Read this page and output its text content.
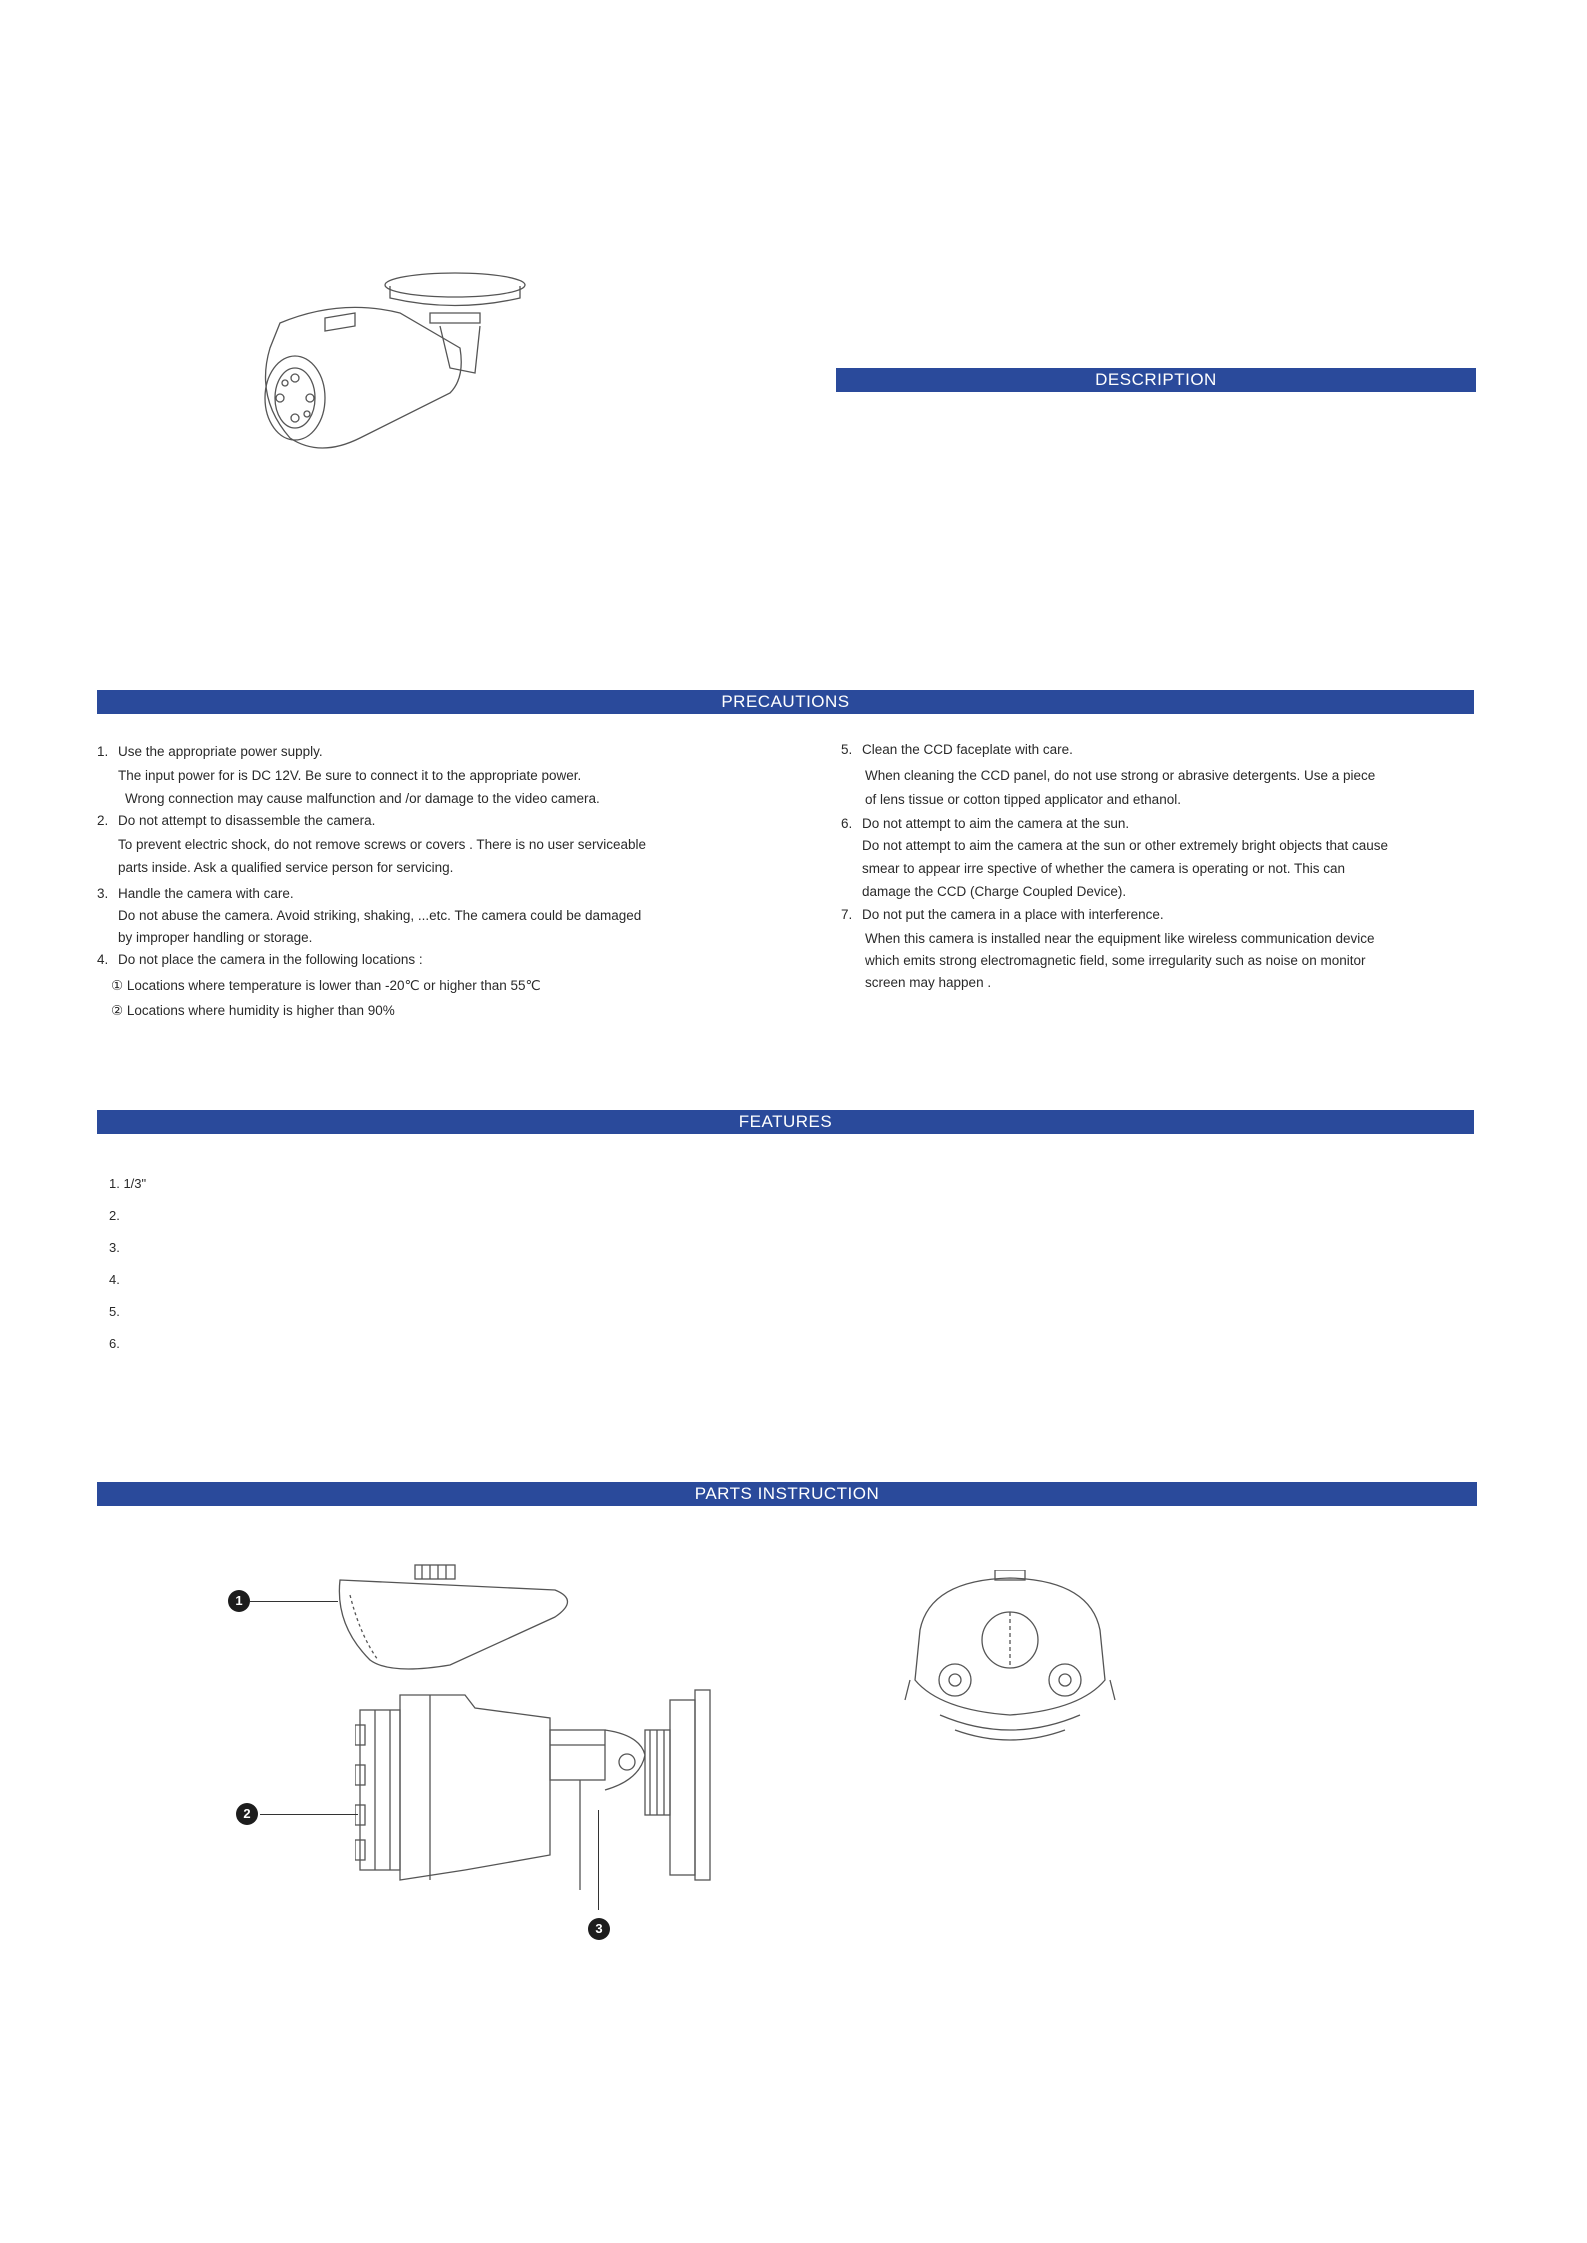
DESCRIPTION
PRECAUTIONS
1. Use the appropriate power supply.
The input power for is DC 12V. Be sure to connect it to the appropriate power.
Wrong connection may cause malfunction and /or damage to the video camera.
2. Do not attempt to disassemble the camera.
To prevent electric shock, do not remove screws or covers . There is no user serviceable
parts inside. Ask a qualified service person for servicing.
3. Handle the camera with care.
Do not abuse the camera. Avoid striking, shaking, ...etc. The camera could be damaged
by improper handling or storage.
4. Do not place the camera in the following locations :
① Locations where temperature is lower than -20℃ or higher than 55℃
② Locations where humidity is higher than 90%
5. Clean the CCD faceplate with care.
When cleaning the CCD panel, do not use strong or abrasive detergents. Use a piece
of lens tissue or cotton tipped applicator and ethanol.
6. Do not attempt to aim the camera at the sun.
Do not attempt to aim the camera at the sun or other extremely bright objects that cause
smear to appear irre spective of whether the camera is operating or not. This can
damage the CCD (Charge Coupled Device).
7. Do not put the camera in a place with interference.
When this camera is installed near the equipment like wireless communication device
which emits strong electromagnetic field, some irregularity such as noise on monitor
screen may happen .
FEATURES
1. 1/3"
2.
3.
4.
5.
6.
PARTS INSTRUCTION
1
2
3
